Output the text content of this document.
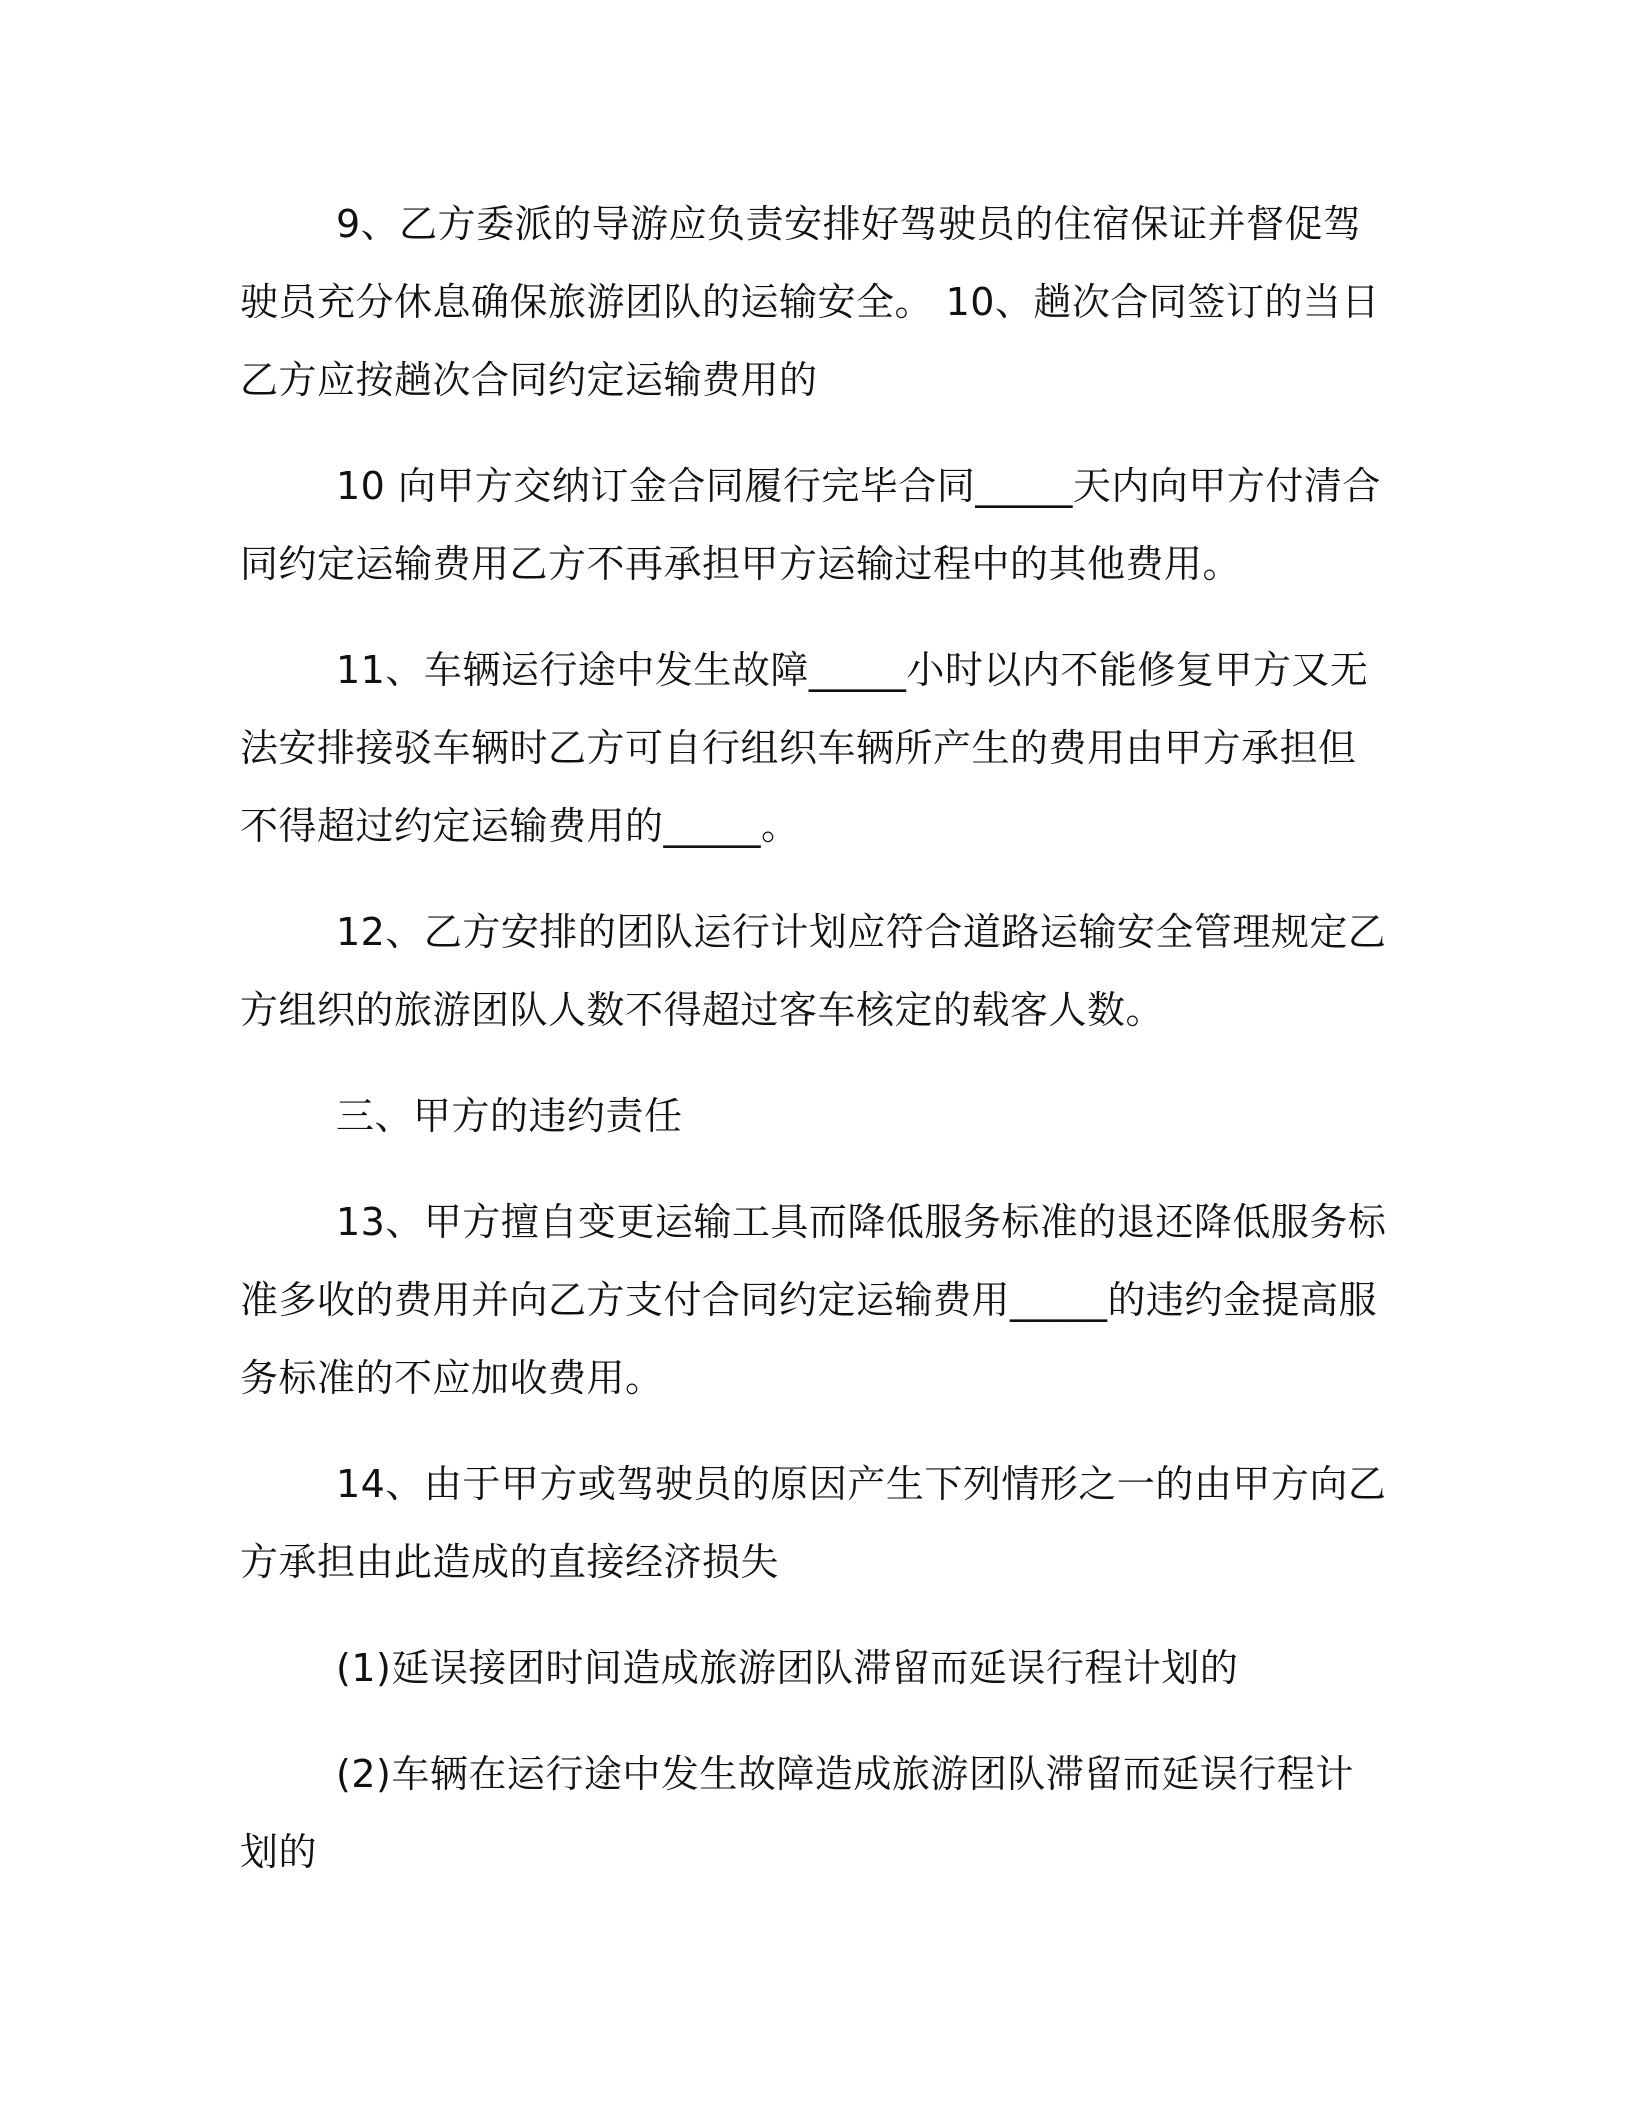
9、乙方委派的导游应负责安排好驾驶员的住宿保证并督促驾驶员充分休息确保旅游团队的运输安全。 10、趟次合同签订的当日乙方应按趟次合同约定运输费用的

10 向甲方交纳订金合同履行完毕合同_____天内向甲方付清合同约定运输费用乙方不再承担甲方运输过程中的其他费用。

11、车辆运行途中发生故障_____小时以内不能修复甲方又无法安排接驳车辆时乙方可自行组织车辆所产生的费用由甲方承担但不得超过约定运输费用的_____。

12、乙方安排的团队运行计划应符合道路运输安全管理规定乙方组织的旅游团队人数不得超过客车核定的载客人数。

三、甲方的违约责任

13、甲方擅自变更运输工具而降低服务标准的退还降低服务标准多收的费用并向乙方支付合同约定运输费用_____的违约金提高服务标准的不应加收费用。

14、由于甲方或驾驶员的原因产生下列情形之一的由甲方向乙方承担由此造成的直接经济损失

(1)延误接团时间造成旅游团队滞留而延误行程计划的

(2)车辆在运行途中发生故障造成旅游团队滞留而延误行程计划的
